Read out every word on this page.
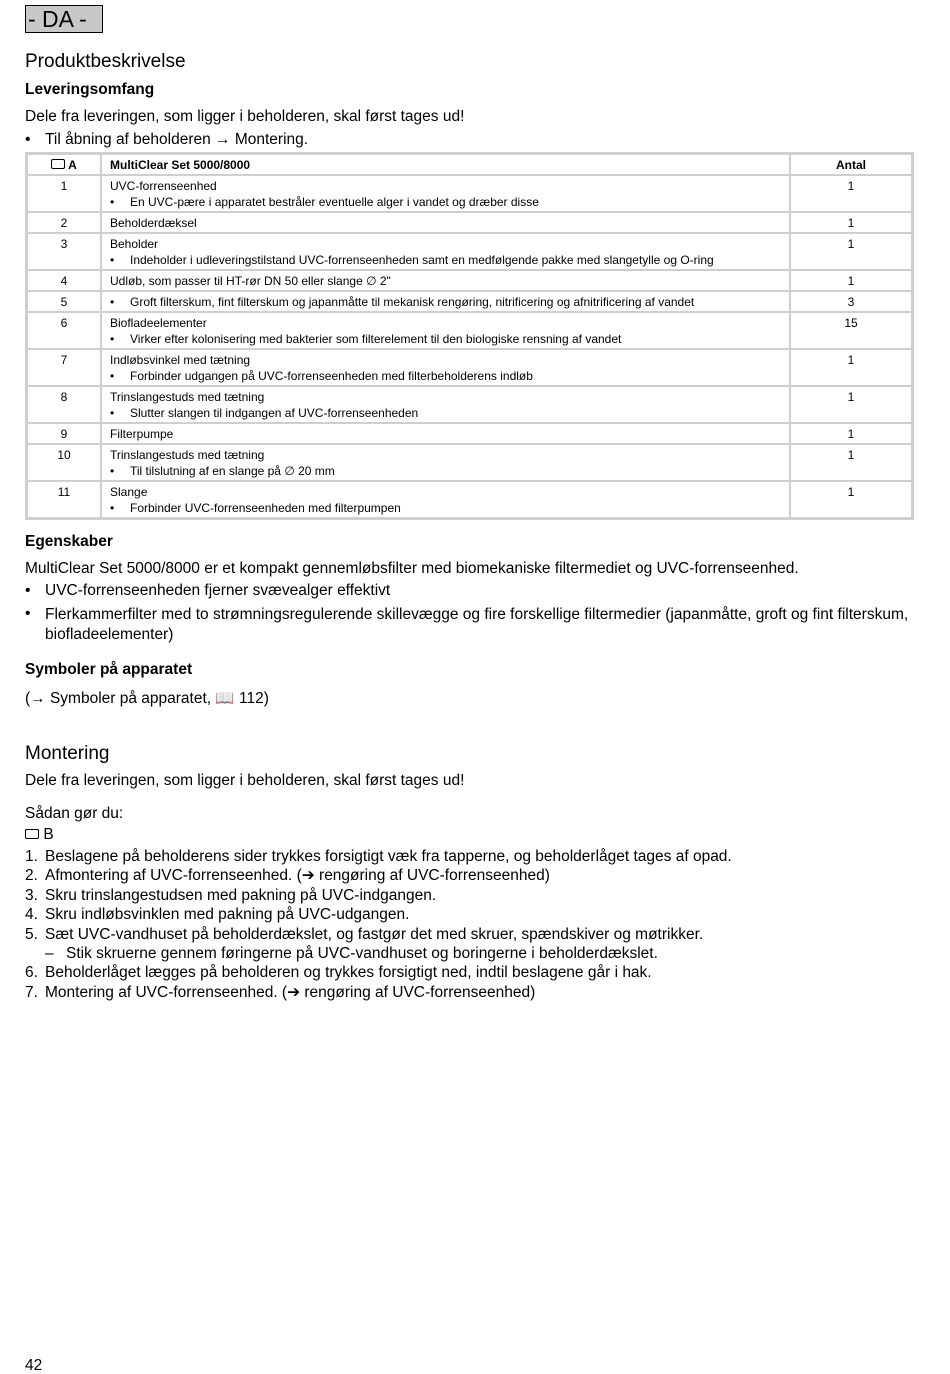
- DA -
Produktbeskrivelse
Leveringsomfang
Dele fra leveringen, som ligger i beholderen, skal først tages ud!
• Til åbning af beholderen → Montering.
A	MultiClear Set 5000/8000	Antal
1	UVC-forrenseenhed
• En UVC-pære i apparatet bestråler eventuelle alger i vandet og dræber disse	1
2	Beholderdæksel	1
3	Beholder
• Indeholder i udleveringstilstand UVC-forrenseenheden samt en medfølgende pakke med slangetylle og O-ring	1
4	Udløb, som passer til HT-rør DN 50 eller slange ∅ 2"	1
5	• Groft filterskum, fint filterskum og japanmåtte til mekanisk rengøring, nitrificering og afnitrificering af vandet	3
6	Biofladeelementer
• Virker efter kolonisering med bakterier som filterelement til den biologiske rensning af vandet	15
7	Indløbsvinkel med tætning
• Forbinder udgangen på UVC-forrenseenheden med filterbeholderens indløb	1
8	Trinslangestuds med tætning
• Slutter slangen til indgangen af UVC-forrenseenheden	1
9	Filterpumpe	1
10	Trinslangestuds med tætning
• Til tilslutning af en slange på ∅ 20 mm	1
11	Slange
• Forbinder UVC-forrenseenheden med filterpumpen	1
Egenskaber
MultiClear Set 5000/8000 er et kompakt gennemløbsfilter med biomekaniske filtermediet og UVC-forrenseenhed.
• UVC-forrenseenheden fjerner svævealger effektivt
• Flerkammerfilter med to strømningsregulerende skillevægge og fire forskellige filtermedier (japanmåtte, groft og fint filterskum, biofladeelementer)
Symboler på apparatet
(→ Symboler på apparatet, 📖 112)
Montering
Dele fra leveringen, som ligger i beholderen, skal først tages ud!
Sådan gør du:
B
1. Beslagene på beholderens sider trykkes forsigtigt væk fra tapperne, og beholderlåget tages af opad.
2. Afmontering af UVC-forrenseenhed. (➔ rengøring af UVC-forrenseenhed)
3. Skru trinslangestudsen med pakning på UVC-indgangen.
4. Skru indløbsvinklen med pakning på UVC-udgangen.
5. Sæt UVC-vandhuset på beholderdækslet, og fastgør det med skruer, spændskiver og møtrikker.
– Stik skruerne gennem føringerne på UVC-vandhuset og boringerne i beholderdækslet.
6. Beholderlåget lægges på beholderen og trykkes forsigtigt ned, indtil beslagene går i hak.
7. Montering af UVC-forrenseenhed. (➔ rengøring af UVC-forrenseenhed)
42
